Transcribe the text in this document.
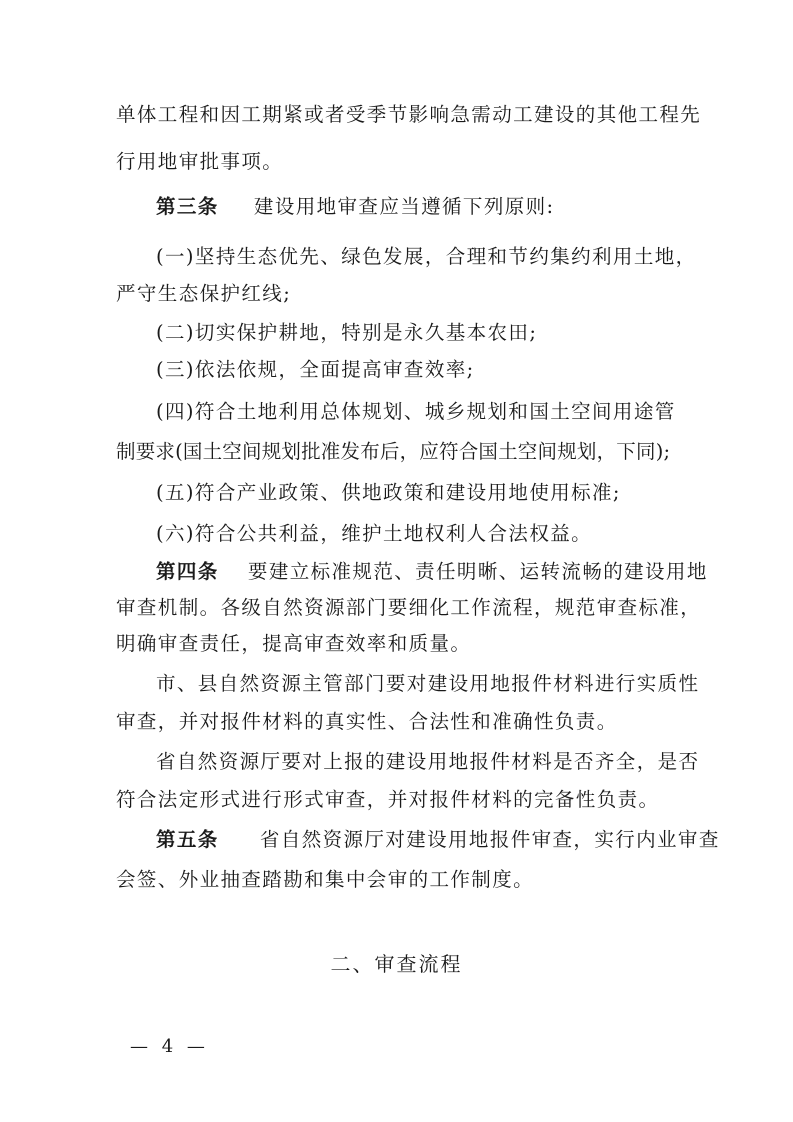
单体工程和因工期紧或者受季节影响急需动工建设的其他工程先
行用地审批事项。
第三条 建设用地审查应当遵循下列原则:
(一)坚持生态优先、绿色发展，合理和节约集约利用土地，
严守生态保护红线;
(二)切实保护耕地，特别是永久基本农田;
(三)依法依规，全面提高审查效率;
(四)符合土地利用总体规划、城乡规划和国土空间用途管
制要求(国土空间规划批准发布后，应符合国土空间规划，下同);
(五)符合产业政策、供地政策和建设用地使用标准;
(六)符合公共利益，维护土地权利人合法权益。
第四条 要建立标准规范、责任明晰、运转流畅的建设用地
审查机制。各级自然资源部门要细化工作流程，规范审查标准，
明确审查责任，提高审查效率和质量。
市、县自然资源主管部门要对建设用地报件材料进行实质性
审查，并对报件材料的真实性、合法性和准确性负责。
省自然资源厅要对上报的建设用地报件材料是否齐全，是否
符合法定形式进行形式审查，并对报件材料的完备性负责。
第五条 省自然资源厅对建设用地报件审查，实行内业审查
会签、外业抽查踏勘和集中会审的工作制度。
二、审查流程
— 4 —
